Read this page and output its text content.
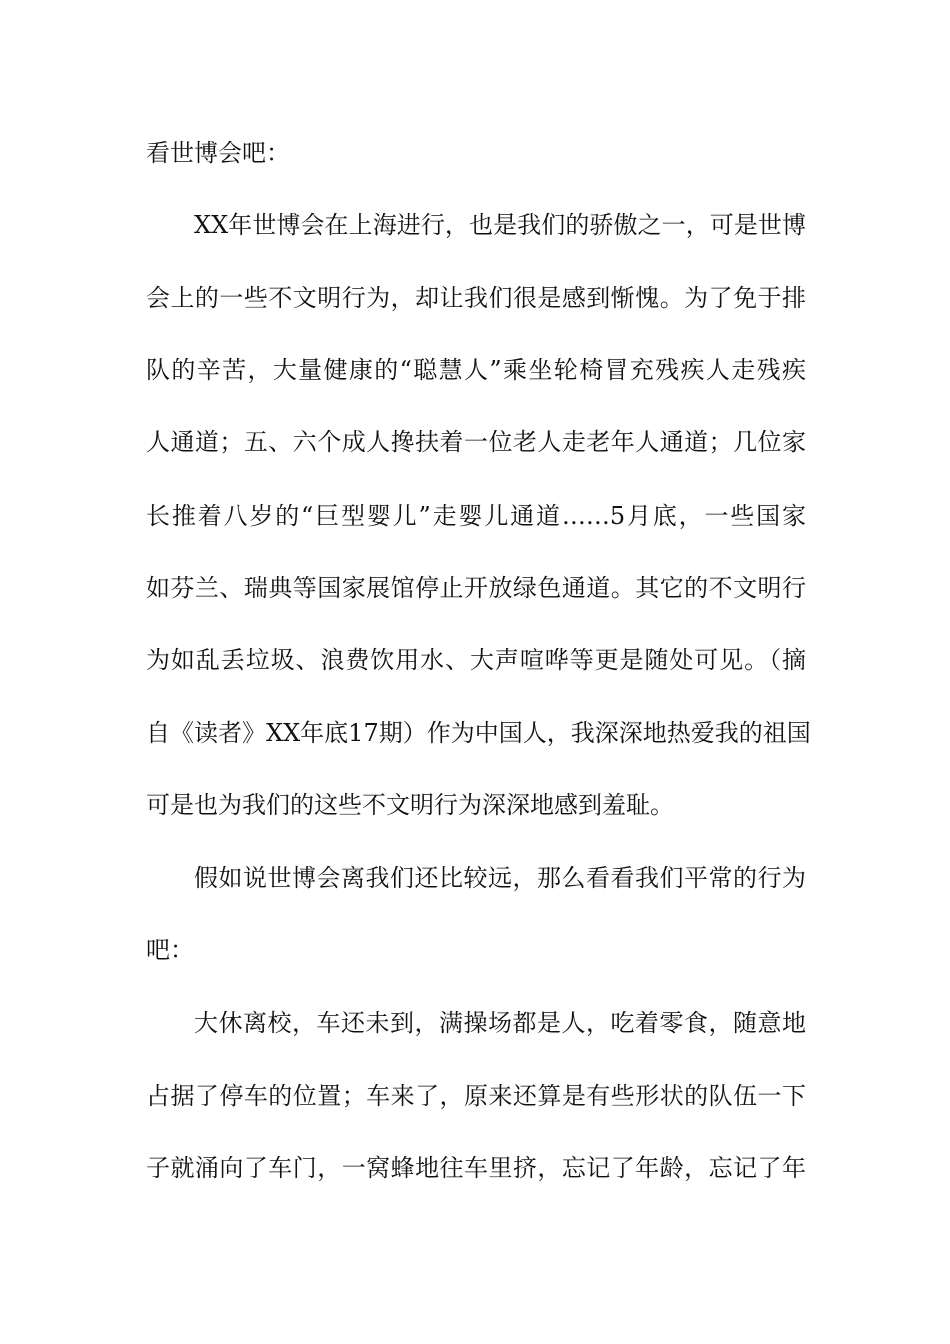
看世博会吧：
XX年世博会在上海进行，也是我们的骄傲之一，可是世博
会上的一些不文明行为，却让我们很是感到惭愧。为了免于排
队的辛苦，大量健康的“聪慧人”乘坐轮椅冒充残疾人走残疾
人通道；五、六个成人搀扶着一位老人走老年人通道；几位家
长推着八岁的“巨型婴儿”走婴儿通道……5月底，一些国家
如芬兰、瑞典等国家展馆停止开放绿色通道。其它的不文明行
为如乱丢垃圾、浪费饮用水、大声喧哗等更是随处可见。（摘
自《读者》XX年底17期）作为中国人，我深深地热爱我的祖国
可是也为我们的这些不文明行为深深地感到羞耻。
假如说世博会离我们还比较远，那么看看我们平常的行为
吧：
大休离校，车还未到，满操场都是人，吃着零食，随意地
占据了停车的位置；车来了，原来还算是有些形状的队伍一下
子就涌向了车门，一窝蜂地往车里挤，忘记了年龄，忘记了年
